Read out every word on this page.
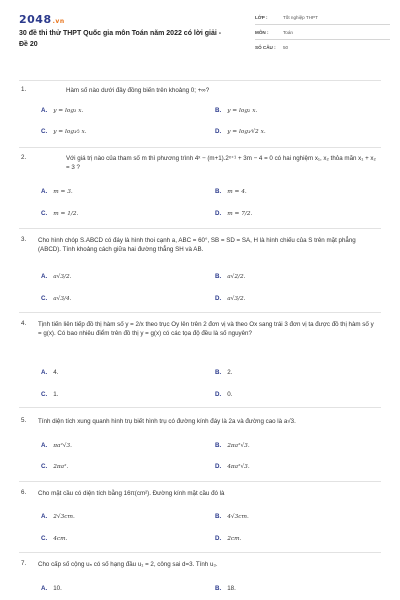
2048.vn
30 đề thi thử THPT Quốc gia môn Toán năm 2022 có lời giải - Đề 20
LỚP :	Tốt nghiệp THPT
MÔN :	Toán
SỐ CÂU : 50
1.	Hàm số nào dưới đây đồng biến trên khoảng 0; +∞?
A. y = log₃ x.	B. y = log₂ x.
C. y = log₁⁄₂ x.	D. y = log₁⁄√2 x.
2.	Với giá trị nào của tham số m thì phương trình 4ˣ − (m+1).2ˣ⁺¹ + 3m − 4 = 0 có hai nghiệm x₁, x₂ thỏa mãn x₁ + x₂ = 3 ?
A. m = 3.	B. m = 4.
C. m = 1/2.	D. m = 7/2.
3. Cho hình chóp S.ABCD có đáy là hình thoi cạnh a, ABC = 60°, SB = SD = SA, H là hình chiếu của S trên mặt phẳng (ABCD). Tính khoảng cách giữa hai đường thẳng SH và AB.
A. a√3/2.	B. a√2/2.
C. a√3/4.	D. a√3/2.
4. Tịnh tiến liên tiếp đồ thị hàm số y = 2/x theo trục Oy lên trên 2 đơn vị và theo Ox sang trái 3 đơn vị ta được đồ thị hàm số y = g(x). Có bao nhiêu điểm trên đồ thị y = g(x) có các tọa độ đều là số nguyên?
A. 4.	B. 2.
C. 1.	D. 0.
5. Tính diện tích xung quanh hình trụ biết hình trụ có đường kính đáy là 2a và đường cao là a√3.
A. πa²√3.	B. 2πa²√3.
C. 2πa².	D. 4πa²√3.
6. Cho mặt cầu có diện tích bằng 16π(cm²). Đường kính mặt cầu đó là
A. 2√3cm.	B. 4√3cm.
C. 4cm.	D. 2cm.
7. Cho cấp số cộng uₙ có số hạng đầu u₁ = 2, công sai d=3. Tính u₃.
A. 10.	B. 18.
